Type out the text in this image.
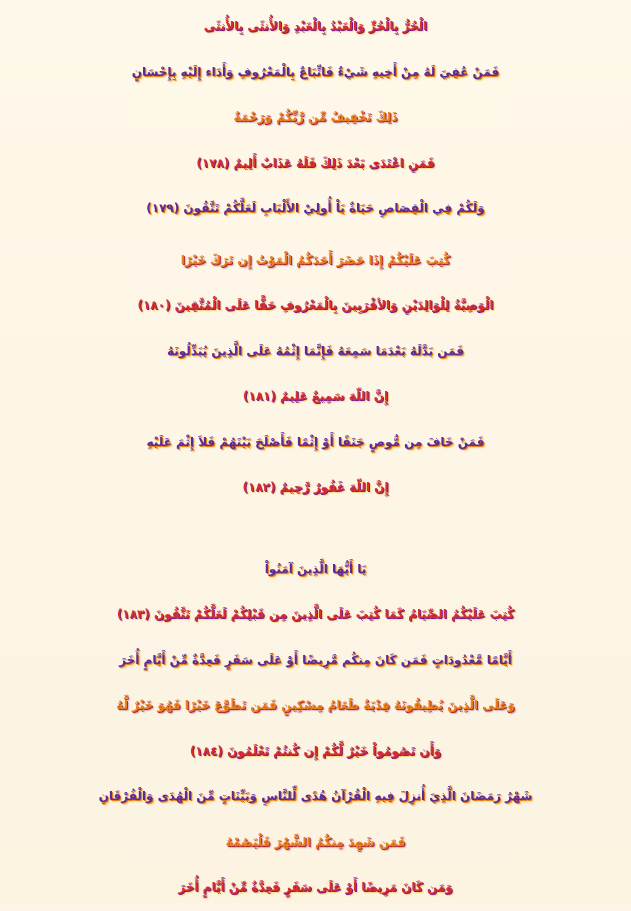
الْحُرُّ بِالْحُرِّ وَالْعَبْدُ بِالْعَبْدِ وَالأُنثَى بِالأُنثَى
فَمَنْ عُفِيَ لَهُ مِنْ أَخِيهِ شَيْءٌ فَاتِّبَاعٌ بِالْمَعْرُوفِ وَأَدَاء إِلَيْهِ بِإِحْسَانٍ
ذَلِكَ تَخْفِيفٌ مِّن رَّبِّكُمْ وَرَحْمَةٌ
فَمَنِ اعْتَدَى بَعْدَ ذَلِكَ فَلَهُ عَذَابٌ أَلِيمٌ (١٧٨)
وَلَكُمْ فِي الْقِصَاصِ حَيَاةٌ يَاْ أُولِيْ الأَلْبَابِ لَعَلَّكُمْ تَتَّقُونَ (١٧٩)
كُتِبَ عَلَيْكُمْ إِذَا حَضَرَ أَحَدَكُمُ الْمَوْتُ إِن تَرَكَ خَيْرًا
الْوَصِيَّةُ لِلْوَالِدَيْنِ وَالأقْرَبِينَ بِالْمَعْرُوفِ حَقًّا عَلَى الْمُتَّقِينَ (١٨٠)
فَمَن بَدَّلَهُ بَعْدَمَا سَمِعَهُ فَإِنَّمَا إِثْمُهُ عَلَى الَّذِينَ يُبَدِّلُونَهُ
إِنَّ اللّهَ سَمِيعٌ عَلِيمٌ (١٨١)
فَمَنْ خَافَ مِن مُّوصٍ جَنَفًا أَوْ إِثْمًا فَأَصْلَحَ بَيْنَهُمْ فَلاَ إِثْمَ عَلَيْهِ
إِنَّ اللّهَ غَفُورٌ رَّحِيمٌ (١٨٢)
يَا أَيُّهَا الَّذِينَ آمَنُواْ
كُتِبَ عَلَيْكُمُ الصِّيَامُ كَمَا كُتِبَ عَلَى الَّذِينَ مِن قَبْلِكُمْ لَعَلَّكُمْ تَتَّقُونَ (١٨٣)
أَيَّامًا مَّعْدُودَاتٍ فَمَن كَانَ مِنكُم مَّرِيضًا أَوْ عَلَى سَفَرٍ فَعِدَّةٌ مِّنْ أَيَّامٍ أُخَرَ
وَعَلَى الَّذِينَ يُطِيقُونَهُ فِدْيَةٌ طَعَامُ مِسْكِينٍ فَمَن تَطَوَّعَ خَيْرًا فَهُوَ خَيْرٌ لَّهُ
وَأَن تَصُومُواْ خَيْرٌ لَّكُمْ إِن كُنتُمْ تَعْلَمُونَ (١٨٤)
شَهْرُ رَمَضَانَ الَّذِيَ أُنزِلَ فِيهِ الْقُرْآنُ هُدًى لِّلنَّاسِ وَبَيِّنَاتٍ مِّنَ الْهُدَى وَالْفُرْقَانِ
فَمَن شَهِدَ مِنكُمُ الشَّهْرَ فَلْيَصُمْهُ
وَمَن كَانَ مَرِيضًا أَوْ عَلَى سَفَرٍ فَعِدَّةٌ مِّنْ أَيَّامٍ أُخَرَ
